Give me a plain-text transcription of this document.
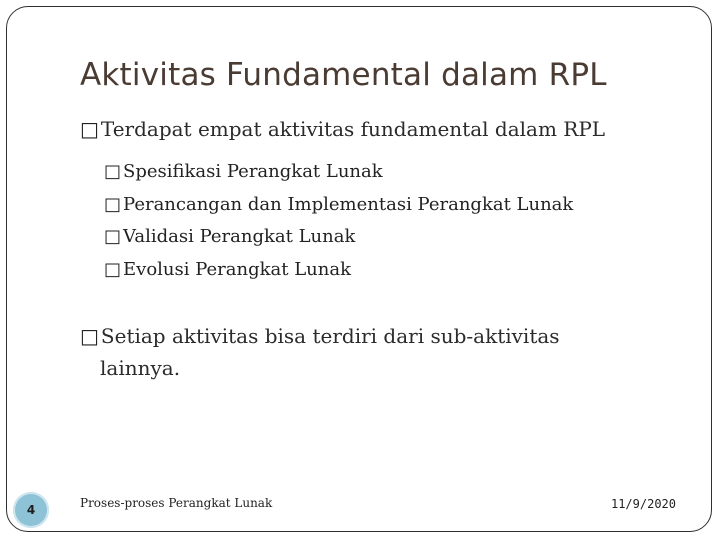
Aktivitas Fundamental dalam RPL
□ Terdapat empat aktivitas fundamental dalam RPL
□ Spesifikasi Perangkat Lunak
□ Perancangan dan Implementasi Perangkat Lunak
□ Validasi Perangkat Lunak
□ Evolusi Perangkat Lunak
□ Setiap aktivitas bisa terdiri dari sub-aktivitas
lainnya.
4	Proses-proses Perangkat Lunak	11/9/2020
